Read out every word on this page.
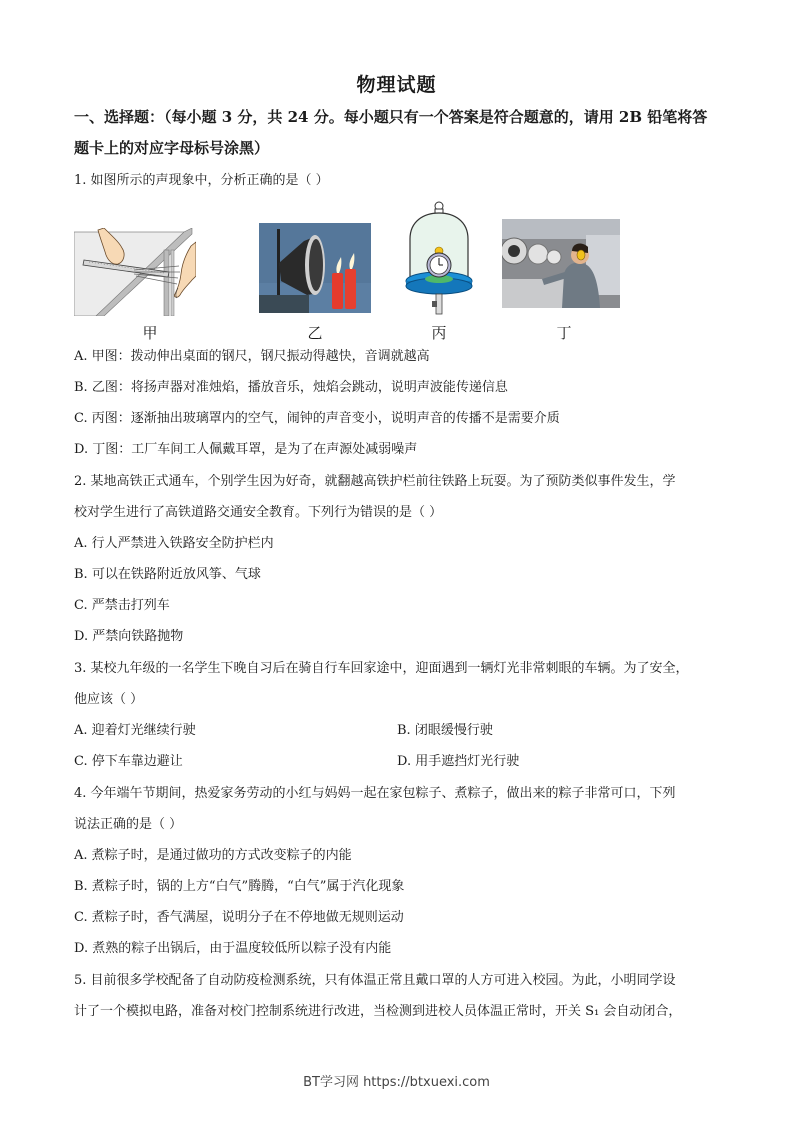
物理试题
一、选择题：（每小题 3 分，共 24 分。每小题只有一个答案是符合题意的，请用 2B 铅笔将答
题卡上的对应字母标号涂黑）
1. 如图所示的声现象中，分析正确的是（ ）
甲	乙	丙	丁
A. 甲图：拨动伸出桌面的钢尺，钢尺振动得越快，音调就越高
B. 乙图：将扬声器对准烛焰，播放音乐，烛焰会跳动，说明声波能传递信息
C. 丙图：逐渐抽出玻璃罩内的空气，闹钟的声音变小，说明声音的传播不是需要介质
D. 丁图：工厂车间工人佩戴耳罩，是为了在声源处减弱噪声
2. 某地高铁正式通车，个别学生因为好奇，就翻越高铁护栏前往铁路上玩耍。为了预防类似事件发生，学
校对学生进行了高铁道路交通安全教育。下列行为错误的是（ ）
A. 行人严禁进入铁路安全防护栏内
B. 可以在铁路附近放风筝、气球
C. 严禁击打列车
D. 严禁向铁路抛物
3. 某校九年级的一名学生下晚自习后在骑自行车回家途中，迎面遇到一辆灯光非常刺眼的车辆。为了安全，
他应该（ ）
A. 迎着灯光继续行驶	B. 闭眼缓慢行驶
C. 停下车靠边避让	D. 用手遮挡灯光行驶
4. 今年端午节期间，热爱家务劳动的小红与妈妈一起在家包粽子、煮粽子，做出来的粽子非常可口，下列
说法正确的是（ ）
A. 煮粽子时，是通过做功的方式改变粽子的内能
B. 煮粽子时，锅的上方“白气”腾腾，“白气”属于汽化现象
C. 煮粽子时，香气满屋，说明分子在不停地做无规则运动
D. 煮熟的粽子出锅后，由于温度较低所以粽子没有内能
5. 目前很多学校配备了自动防疫检测系统，只有体温正常且戴口罩的人方可进入校园。为此，小明同学设
计了一个模拟电路，准备对校门控制系统进行改进，当检测到进校人员体温正常时，开关 S₁ 会自动闭合，
BT学习网 https://btxuexi.com
